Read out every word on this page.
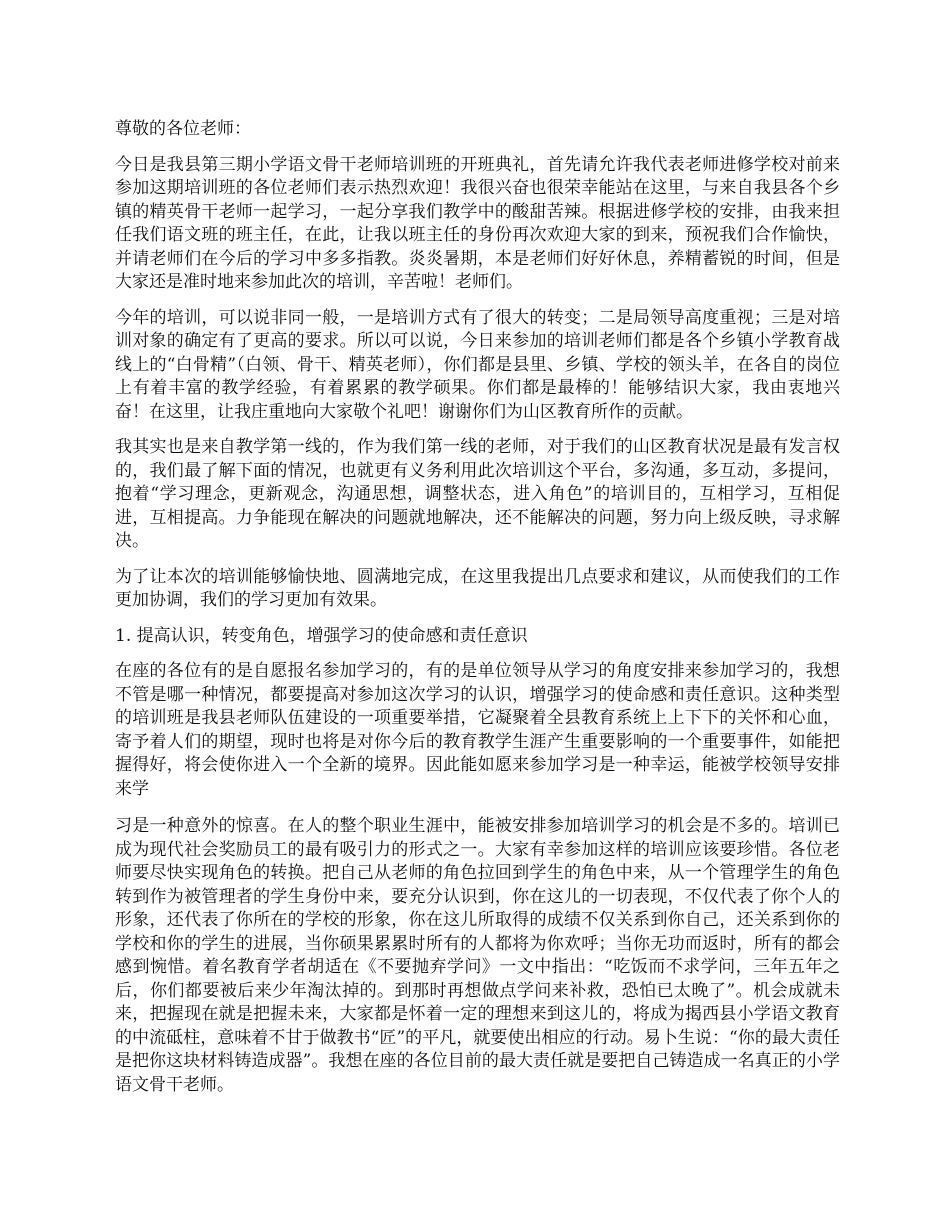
尊敬的各位老师：

今日是我县第三期小学语文骨干老师培训班的开班典礼，首先请允许我代表老师进修学校对前来参加这期培训班的各位老师们表示热烈欢迎！我很兴奋也很荣幸能站在这里，与来自我县各个乡镇的精英骨干老师一起学习，一起分享我们教学中的酸甜苦辣。根据进修学校的安排，由我来担任我们语文班的班主任，在此，让我以班主任的身份再次欢迎大家的到来，预祝我们合作愉快，并请老师们在今后的学习中多多指教。炎炎暑期，本是老师们好好休息，养精蓄锐的时间，但是大家还是准时地来参加此次的培训，辛苦啦！老师们。

今年的培训，可以说非同一般，一是培训方式有了很大的转变；二是局领导高度重视；三是对培训对象的确定有了更高的要求。所以可以说，今日来参加的培训老师们都是各个乡镇小学教育战线上的“白骨精”（白领、骨干、精英老师），你们都是县里、乡镇、学校的领头羊，在各自的岗位上有着丰富的教学经验，有着累累的教学硕果。你们都是最棒的！能够结识大家，我由衷地兴奋！在这里，让我庄重地向大家敬个礼吧！谢谢你们为山区教育所作的贡献。

我其实也是来自教学第一线的，作为我们第一线的老师，对于我们的山区教育状况是最有发言权的，我们最了解下面的情况，也就更有义务利用此次培训这个平台，多沟通，多互动，多提问，抱着“学习理念，更新观念，沟通思想，调整状态，进入角色”的培训目的，互相学习，互相促进，互相提高。力争能现在解决的问题就地解决，还不能解决的问题，努力向上级反映，寻求解决。

为了让本次的培训能够愉快地、圆满地完成，在这里我提出几点要求和建议，从而使我们的工作更加协调，我们的学习更加有效果。

1. 提高认识，转变角色，增强学习的使命感和责任意识

在座的各位有的是自愿报名参加学习的，有的是单位领导从学习的角度安排来参加学习的，我想不管是哪一种情况，都要提高对参加这次学习的认识，增强学习的使命感和责任意识。这种类型的培训班是我县老师队伍建设的一项重要举措，它凝聚着全县教育系统上上下下的关怀和心血，寄予着人们的期望，现时也将是对你今后的教育教学生涯产生重要影响的一个重要事件，如能把握得好，将会使你进入一个全新的境界。因此能如愿来参加学习是一种幸运，能被学校领导安排来学

习是一种意外的惊喜。在人的整个职业生涯中，能被安排参加培训学习的机会是不多的。培训已成为现代社会奖励员工的最有吸引力的形式之一。大家有幸参加这样的培训应该要珍惜。各位老师要尽快实现角色的转换。把自己从老师的角色拉回到学生的角色中来，从一个管理学生的角色转到作为被管理者的学生身份中来，要充分认识到，你在这儿的一切表现，不仅代表了你个人的形象，还代表了你所在的学校的形象，你在这儿所取得的成绩不仅关系到你自己，还关系到你的学校和你的学生的进展，当你硕果累累时所有的人都将为你欢呼；当你无功而返时，所有的都会感到惋惜。着名教育学者胡适在《不要抛弃学问》一文中指出：“吃饭而不求学问，三年五年之后，你们都要被后来少年淘汰掉的。到那时再想做点学问来补救，恐怕已太晚了”。机会成就未来，把握现在就是把握未来，大家都是怀着一定的理想来到这儿的，将成为揭西县小学语文教育的中流砥柱，意味着不甘于做教书“匠”的平凡，就要使出相应的行动。易卜生说：“你的最大责任是把你这块材料铸造成器”。我想在座的各位目前的最大责任就是要把自己铸造成一名真正的小学语文骨干老师。
